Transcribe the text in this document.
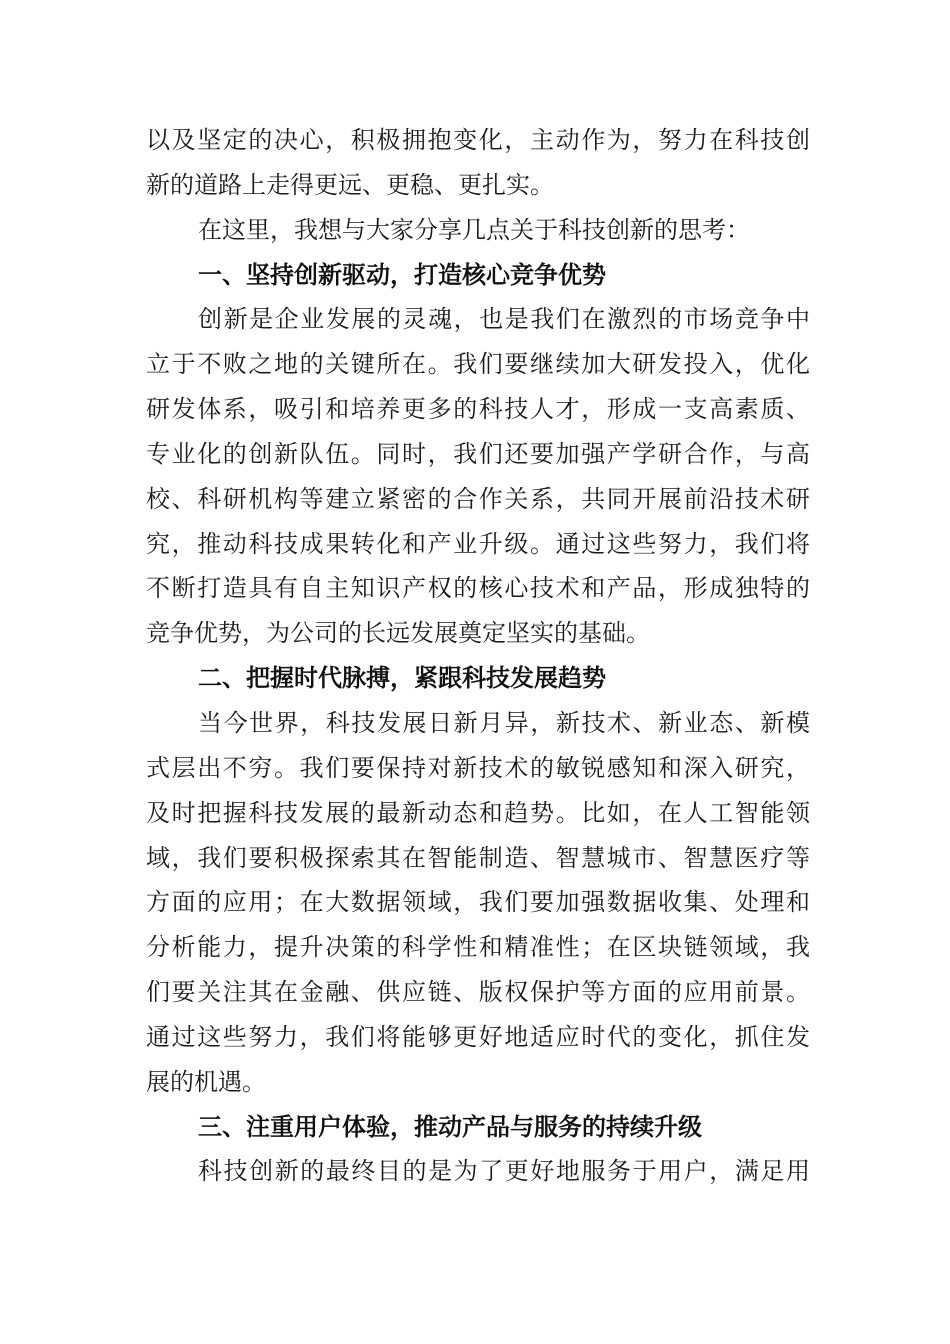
以及坚定的决心，积极拥抱变化，主动作为，努力在科技创
新的道路上走得更远、更稳、更扎实。
在这里，我想与大家分享几点关于科技创新的思考：
一、坚持创新驱动，打造核心竞争优势
创新是企业发展的灵魂，也是我们在激烈的市场竞争中
立于不败之地的关键所在。我们要继续加大研发投入，优化
研发体系，吸引和培养更多的科技人才，形成一支高素质、
专业化的创新队伍。同时，我们还要加强产学研合作，与高
校、科研机构等建立紧密的合作关系，共同开展前沿技术研
究，推动科技成果转化和产业升级。通过这些努力，我们将
不断打造具有自主知识产权的核心技术和产品，形成独特的
竞争优势，为公司的长远发展奠定坚实的基础。
二、把握时代脉搏，紧跟科技发展趋势
当今世界，科技发展日新月异，新技术、新业态、新模
式层出不穷。我们要保持对新技术的敏锐感知和深入研究，
及时把握科技发展的最新动态和趋势。比如，在人工智能领
域，我们要积极探索其在智能制造、智慧城市、智慧医疗等
方面的应用；在大数据领域，我们要加强数据收集、处理和
分析能力，提升决策的科学性和精准性；在区块链领域，我
们要关注其在金融、供应链、版权保护等方面的应用前景。
通过这些努力，我们将能够更好地适应时代的变化，抓住发
展的机遇。
三、注重用户体验，推动产品与服务的持续升级
科技创新的最终目的是为了更好地服务于用户，满足用
